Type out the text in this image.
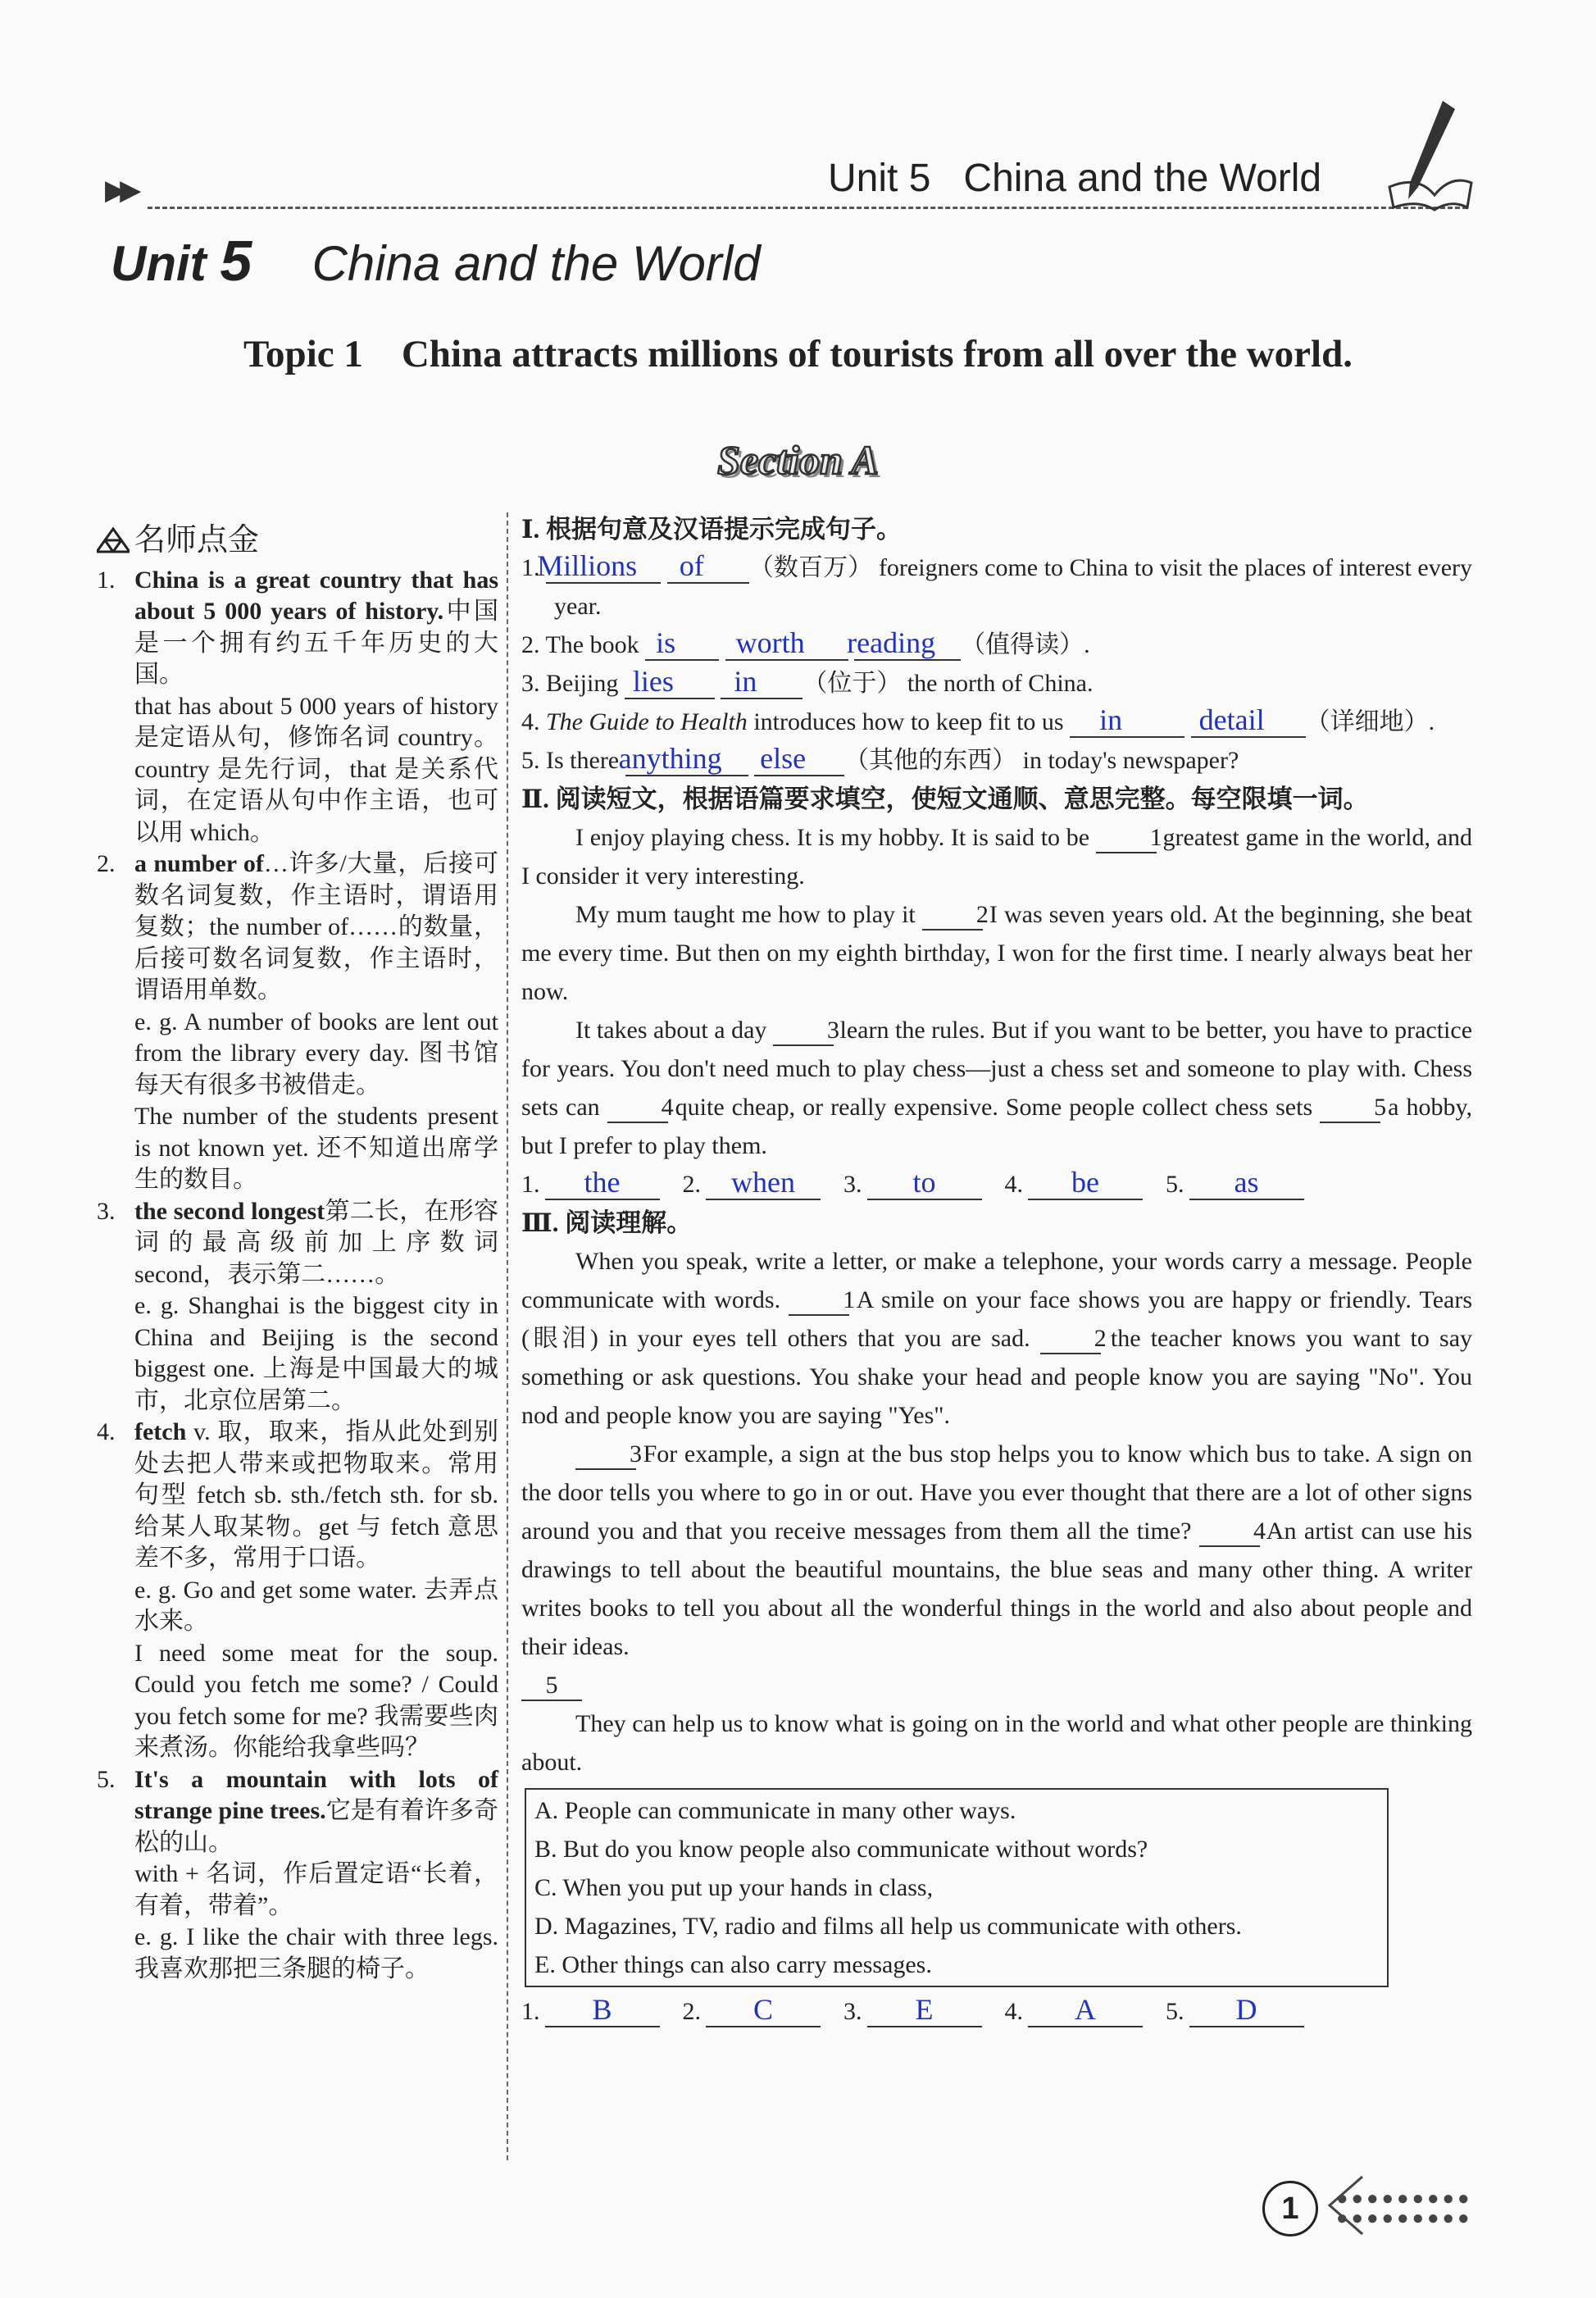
▶▶	Unit 5   China and the World
Unit 5 China and the World
Topic 1    China attracts millions of tourists from all over the world.
Section A
名师点金
1. China is a great country that has about 5 000 years of history.中国是一个拥有约五千年历史的大国。

that has about 5 000 years of history 是定语从句，修饰名词 country。country 是先行词，that 是关系代词，在定语从句中作主语，也可以用 which。

2. a number of…许多/大量，后接可数名词复数，作主语时，谓语用复数；the number of……的数量，后接可数名词复数，作主语时，谓语用单数。

e. g. A number of books are lent out from the library every day. 图书馆每天有很多书被借走。

The number of the students present is not known yet. 还不知道出席学生的数目。

3. the second longest第二长，在形容词的最高级前加上序数词 second，表示第二……。

e. g. Shanghai is the biggest city in China and Beijing is the second biggest one. 上海是中国最大的城市，北京位居第二。

4. fetch v. 取，取来，指从此处到别处去把人带来或把物取来。常用句型 fetch sb. sth./fetch sth. for sb. 给某人取某物。get 与 fetch 意思差不多，常用于口语。

e. g. Go and get some water. 去弄点水来。

I need some meat for the soup. Could you fetch me some? / Could you fetch some for me? 我需要些肉来煮汤。你能给我拿些吗？

5. It's a mountain with lots of strange pine trees.它是有着许多奇松的山。

with + 名词，作后置定语“长着，有着，带着”。

e. g. I like the chair with three legs. 我喜欢那把三条腿的椅子。

Ⅰ. 根据句意及汉语提示完成句子。

1. Millions of （数百万） foreigners come to China to visit the places of interest every year.

2. The book is worth reading （值得读）.

3. Beijing lies in （位于） the north of China.

4. The Guide to Health introduces how to keep fit to us in	detail （详细地）.

5. Is there anything else （其他的东西） in today's newspaper?

Ⅱ. 阅读短文，根据语篇要求填空，使短文通顺、意思完整。每空限填一词。

I enjoy playing chess. It is my hobby. It is said to be 1 greatest game in the world, and I consider it very interesting.

My mum taught me how to play it 2 I was seven years old. At the beginning, she beat me every time. But then on my eighth birthday, I won for the first time. I nearly always beat her now.

It takes about a day 3 learn the rules. But if you want to be better, you have to practice for years. You don't need much to play chess—just a chess set and someone to play with. Chess sets can	4 quite cheap, or really expensive. Some people collect chess sets	5 a hobby, but I prefer to play them.

1. the	2. when	3. to	4. be	5. as

Ⅲ. 阅读理解。

When you speak, write a letter, or make a telephone, your words carry a message. People communicate with words.	1 A smile on your face shows you are happy or friendly. Tears (眼泪) in your eyes tell others that you are sad.	2 the teacher knows you want to say something or ask questions. You shake your head and people know you are saying "No". You nod and people know you are saying "Yes".

3 For example, a sign at the bus stop helps you to know which bus to take. A sign on the door tells you where to go in or out. Have you ever thought that there are a lot of other signs around you and that you receive messages from them all the time?	4 An artist can use his drawings to tell about the beautiful mountains, the blue seas and many other thing. A writer writes books to tell you about all the wonderful things in the world and also about people and their ideas.

5

They can help us to know what is going on in the world and what other people are thinking about.

A. People can communicate in many other ways.
B. But do you know people also communicate without words?
C. When you put up your hands in class,
D. Magazines, TV, radio and films all help us communicate with others.
E. Other things can also carry messages.
1. B	2. C	3. E	4. A	5. D
1	●●●●●●●●●
●●●●●●●●●
